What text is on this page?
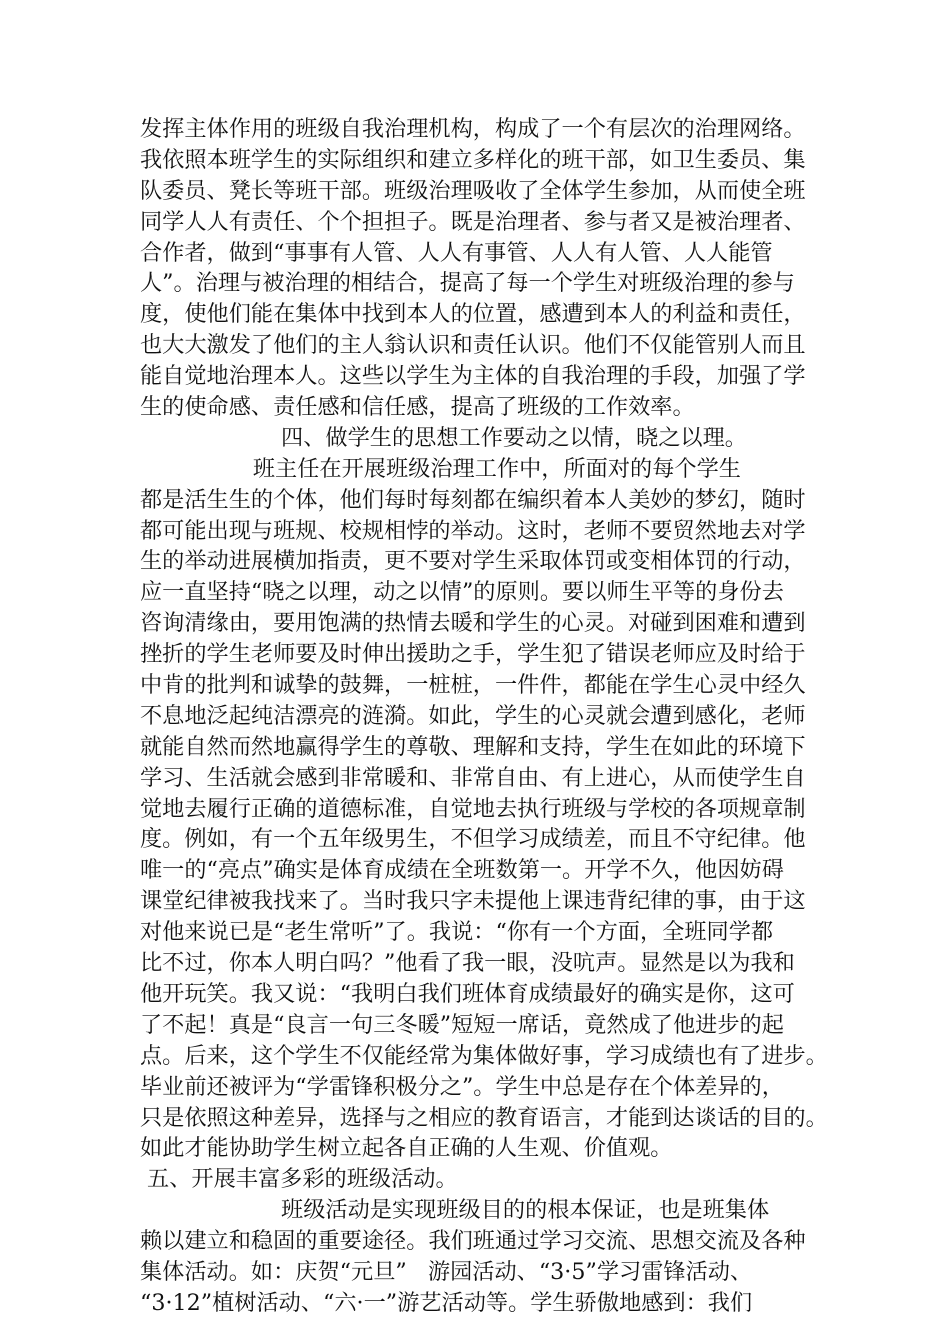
发挥主体作用的班级自我治理机构，构成了一个有层次的治理网络。
我依照本班学生的实际组织和建立多样化的班干部，如卫生委员、集
队委员、凳长等班干部。班级治理吸收了全体学生参加，从而使全班
同学人人有责任、个个担担子。既是治理者、参与者又是被治理者、
合作者，做到“事事有人管、人人有事管、人人有人管、人人能管
人”。治理与被治理的相结合，提高了每一个学生对班级治理的参与
度，使他们能在集体中找到本人的位置，感遭到本人的利益和责任，
也大大激发了他们的主人翁认识和责任认识。他们不仅能管别人而且
能自觉地治理本人。这些以学生为主体的自我治理的手段，加强了学
生的使命感、责任感和信任感，提高了班级的工作效率。
四、做学生的思想工作要动之以情，晓之以理。
班主任在开展班级治理工作中，所面对的每个学生
都是活生生的个体，他们每时每刻都在编织着本人美妙的梦幻，随时
都可能出现与班规、校规相悖的举动。这时，老师不要贸然地去对学
生的举动进展横加指责，更不要对学生采取体罚或变相体罚的行动，
应一直坚持“晓之以理，动之以情”的原则。要以师生平等的身份去
咨询清缘由，要用饱满的热情去暖和学生的心灵。对碰到困难和遭到
挫折的学生老师要及时伸出援助之手，学生犯了错误老师应及时给于
中肯的批判和诚挚的鼓舞，一桩桩，一件件，都能在学生心灵中经久
不息地泛起纯洁漂亮的涟漪。如此，学生的心灵就会遭到感化，老师
就能自然而然地赢得学生的尊敬、理解和支持，学生在如此的环境下
学习、生活就会感到非常暖和、非常自由、有上进心，从而使学生自
觉地去履行正确的道德标准，自觉地去执行班级与学校的各项规章制
度。例如，有一个五年级男生，不但学习成绩差，而且不守纪律。他
唯一的“亮点”确实是体育成绩在全班数第一。开学不久，他因妨碍
课堂纪律被我找来了。当时我只字未提他上课违背纪律的事，由于这
对他来说已是“老生常听”了。我说：“你有一个方面，全班同学都
比不过，你本人明白吗？”他看了我一眼，没吭声。显然是以为我和
他开玩笑。我又说：“我明白我们班体育成绩最好的确实是你，这可
了不起！真是“良言一句三冬暖”短短一席话，竟然成了他进步的起
点。后来，这个学生不仅能经常为集体做好事，学习成绩也有了进步。
毕业前还被评为“学雷锋积极分之”。学生中总是存在个体差异的，
只是依照这种差异，选择与之相应的教育语言，才能到达谈话的目的。
如此才能协助学生树立起各自正确的人生观、价值观。
五、开展丰富多彩的班级活动。
班级活动是实现班级目的的根本保证，也是班集体
赖以建立和稳固的重要途径。我们班通过学习交流、思想交流及各种
集体活动。如：庆贺“元旦”   游园活动、“3·5”学习雷锋活动、
“3·12”植树活动、“六·一”游艺活动等。学生骄傲地感到：我们
